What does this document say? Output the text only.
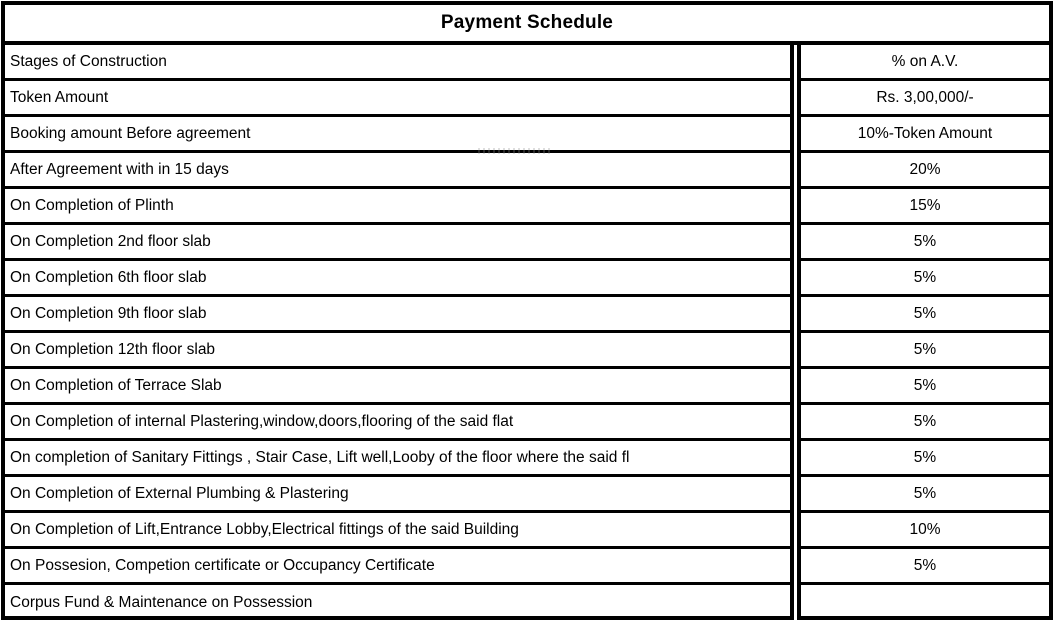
Payment Schedule
Stages of Construction	% on A.V.
Token Amount	Rs. 3,00,000/-
Booking amount Before agreement	10%-Token Amount
After Agreement with in 15 days	20%
On Completion of Plinth	15%
On Completion 2nd floor slab	5%
On Completion 6th floor slab	5%
On Completion 9th floor slab	5%
On Completion 12th floor slab	5%
On Completion of Terrace Slab	5%
On Completion of internal Plastering,window,doors,flooring of the said flat	5%
On completion of Sanitary Fittings , Stair Case, Lift well,Looby of the floor where the said fl	5%
On Completion of External Plumbing & Plastering	5%
On Completion of Lift,Entrance Lobby,Electrical fittings of the said Building	10%
On Possesion, Competion certificate or Occupancy Certificate	5%
Corpus Fund & Maintenance on Possession
